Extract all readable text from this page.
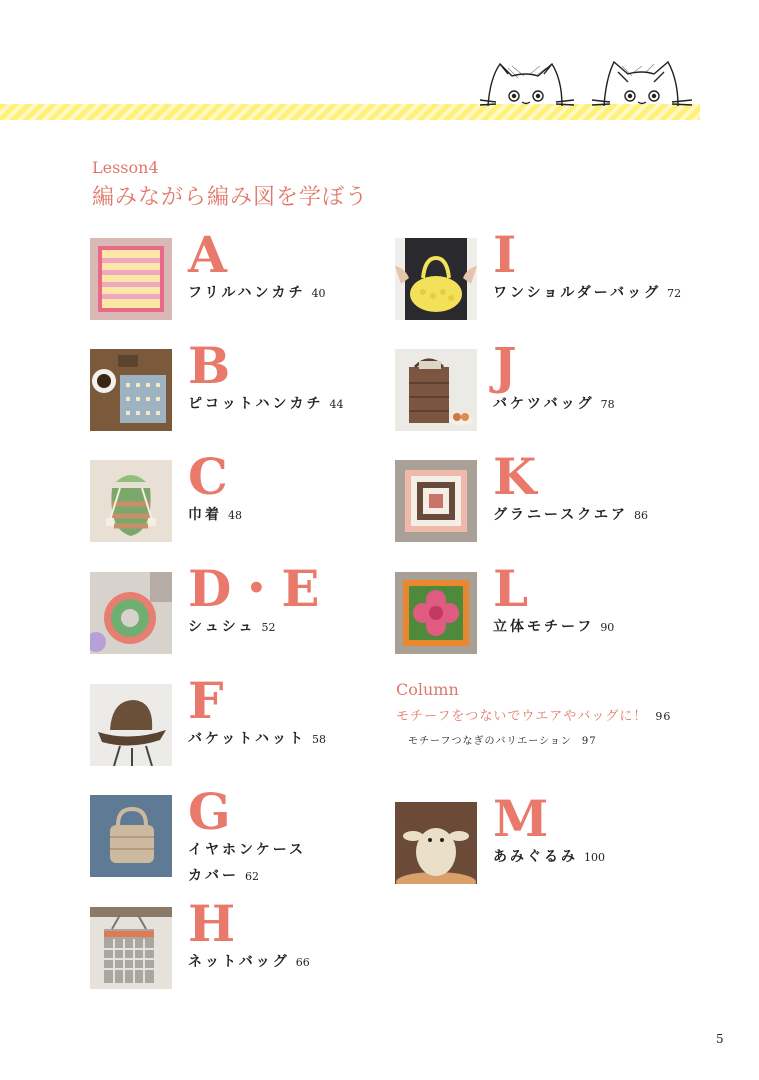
Lesson4
編みながら編み図を学ぼう
A
フリルハンカチ 40
B
ピコットハンカチ 44
C
巾着 48
D・E
シュシュ 52
F
バケットハット 58
G
イヤホンケース
カバー 62
H
ネットバッグ 66
I
ワンショルダーバッグ 72
J
バケツバッグ 78
K
グラニースクエア 86
L
立体モチーフ 90
Column
モチーフをつないでウエアやバッグに！ 96
モチーフつなぎのバリエーション 97
M
あみぐるみ 100
5
